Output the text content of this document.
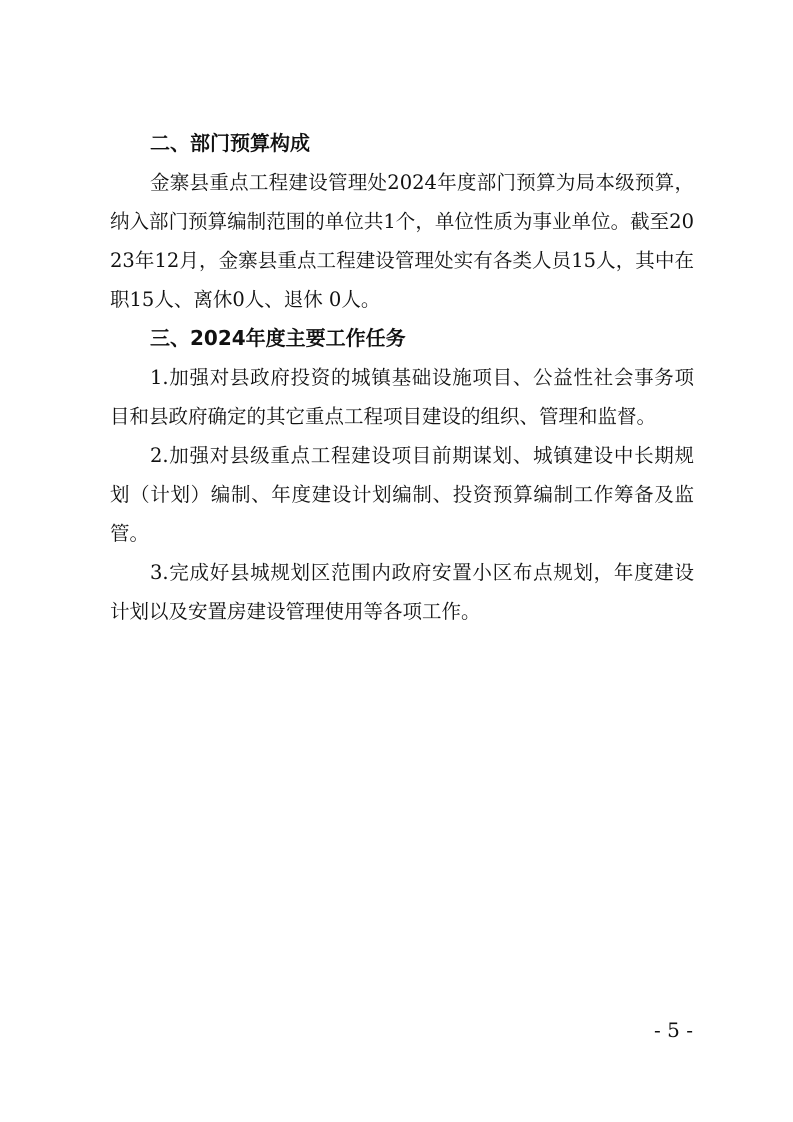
二、部门预算构成

金寨县重点工程建设管理处2024年度部门预算为局本级预算，纳入部门预算编制范围的单位共1个，单位性质为事业单位。截至2023年12月，金寨县重点工程建设管理处实有各类人员15人，其中在职15人、离休0人、退休 0人。

三、2024年度主要工作任务

1.加强对县政府投资的城镇基础设施项目、公益性社会事务项目和县政府确定的其它重点工程项目建设的组织、管理和监督。

2.加强对县级重点工程建设项目前期谋划、城镇建设中长期规划（计划）编制、年度建设计划编制、投资预算编制工作筹备及监管。

3.完成好县城规划区范围内政府安置小区布点规划，年度建设计划以及安置房建设管理使用等各项工作。

- 5 -
